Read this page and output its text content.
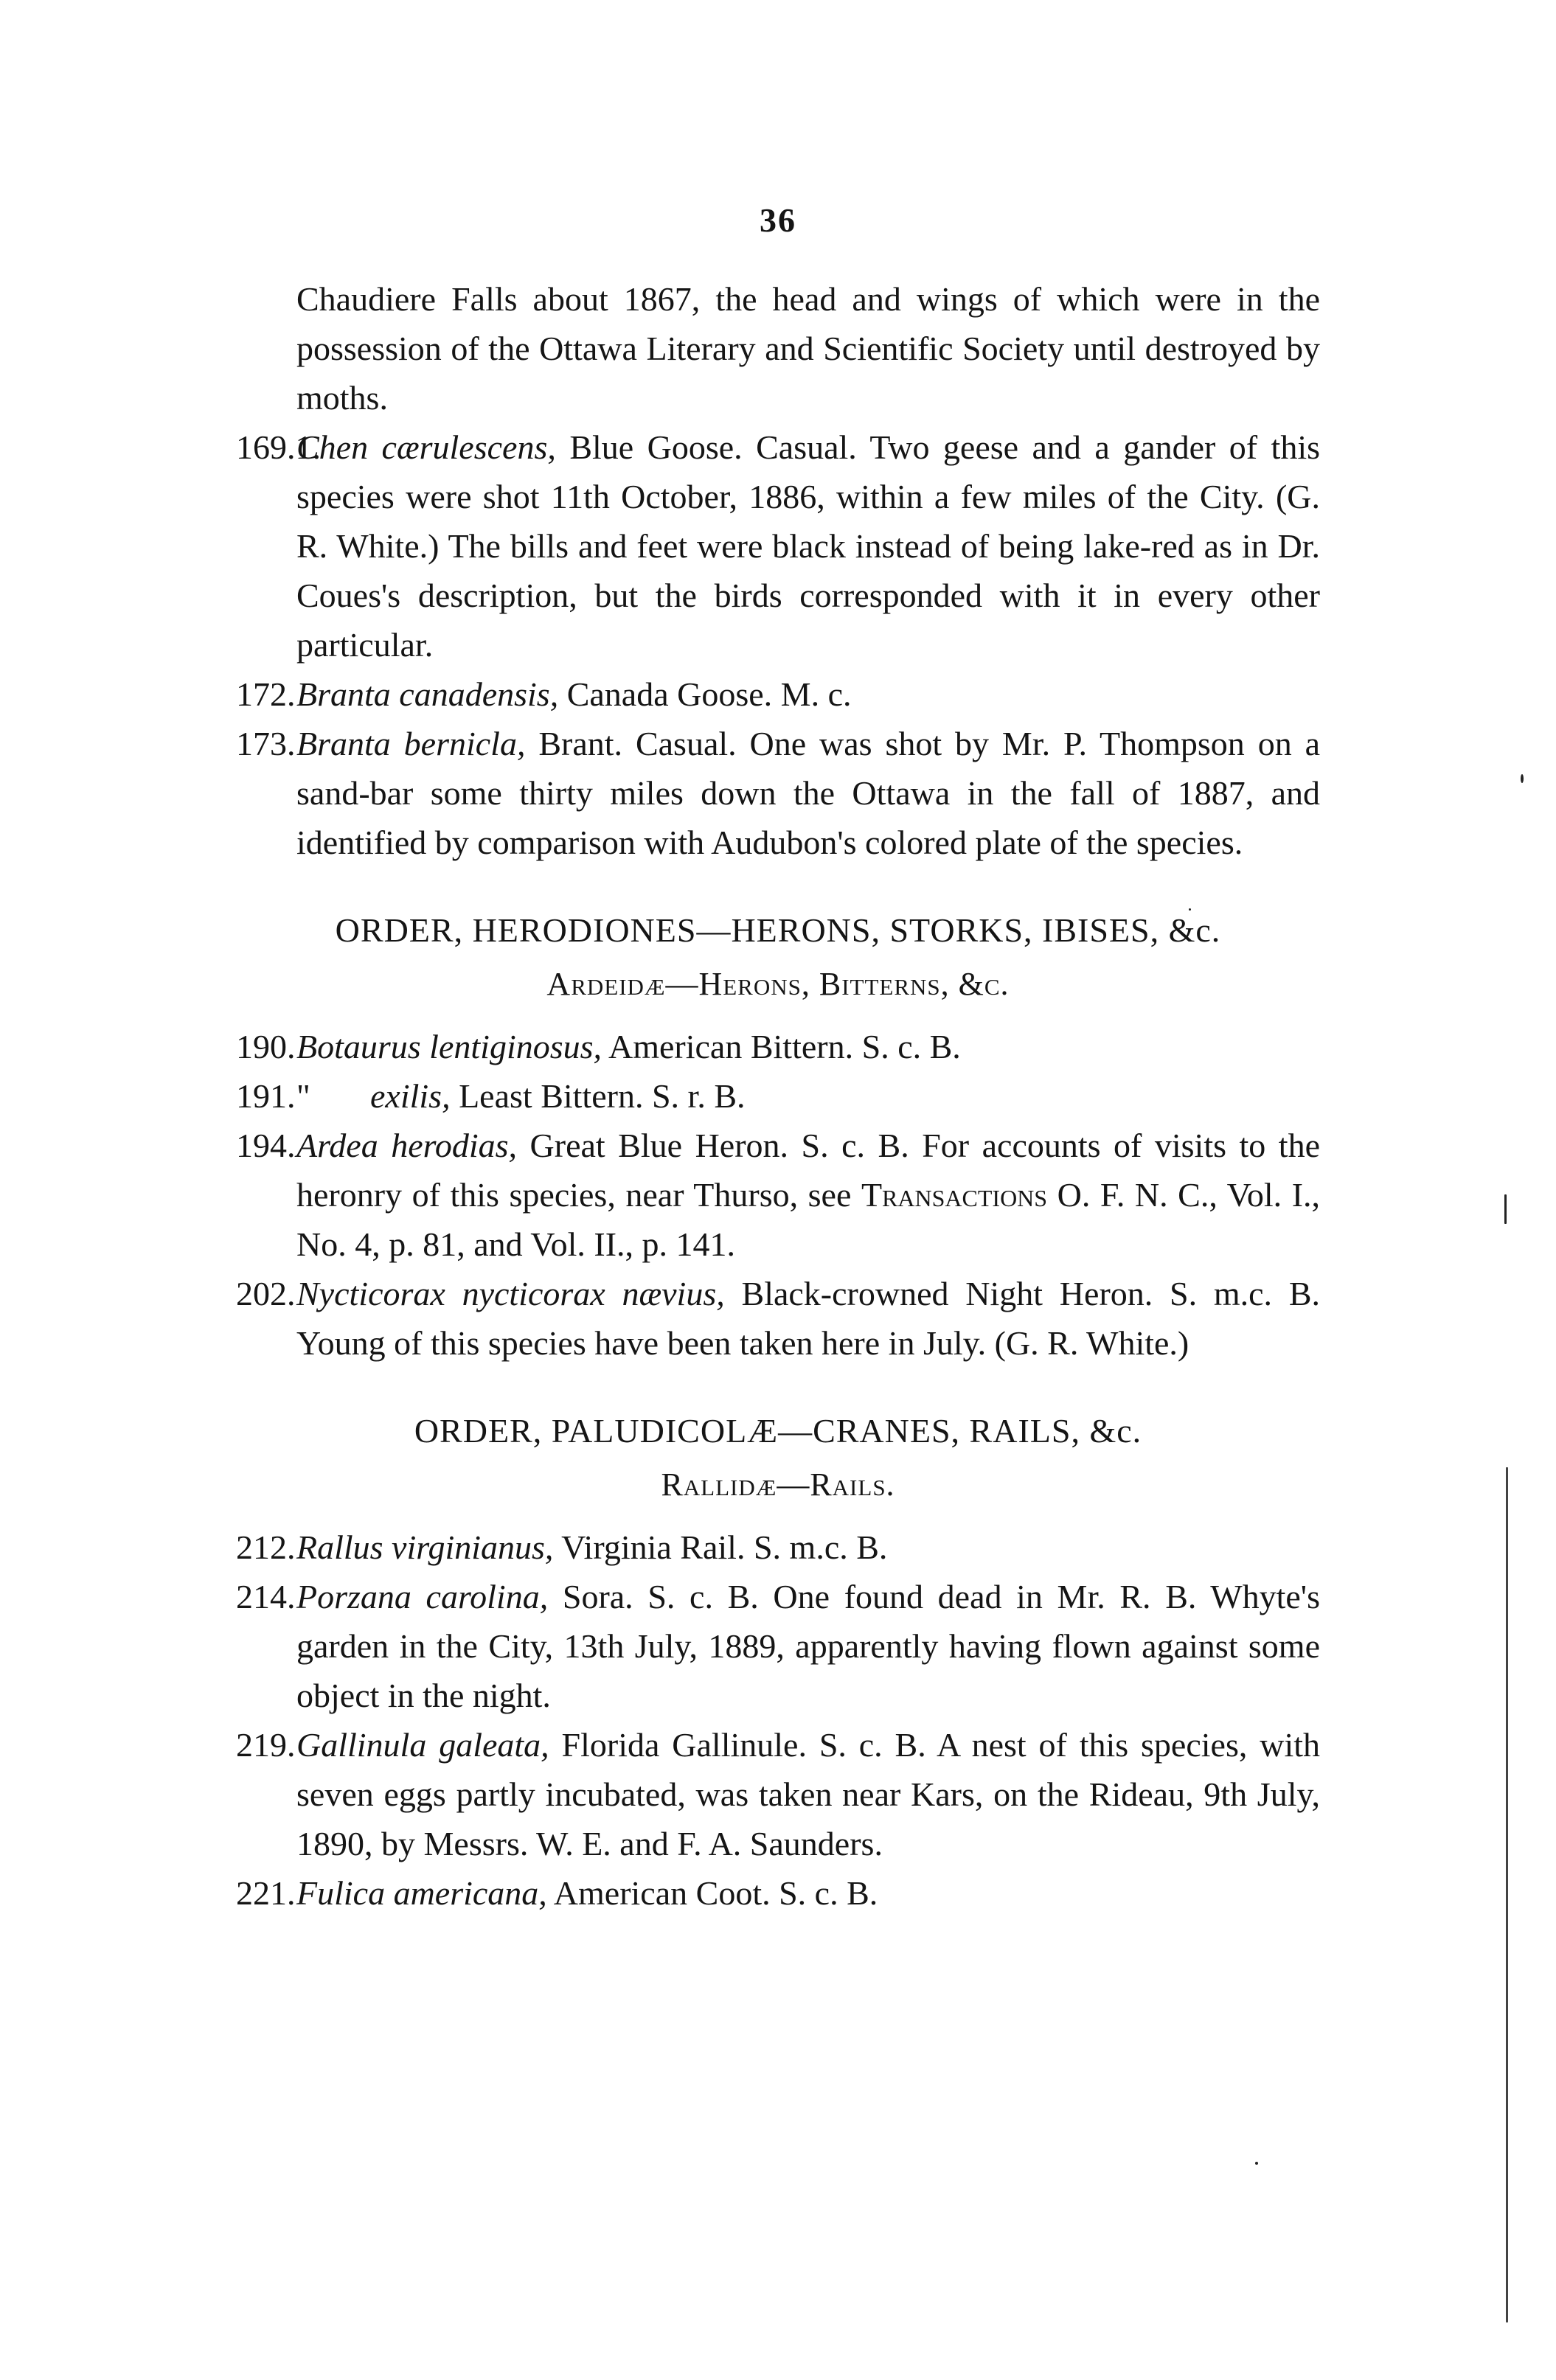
36

Chaudiere Falls about 1867, the head and wings of which were in the possession of the Ottawa Literary and Scientific Society until destroyed by moths.

169.1.
Chen cærulescens, Blue Goose. Casual. Two geese and a gander of this species were shot 11th October, 1886, within a few miles of the City. (G. R. White.) The bills and feet were black instead of being lake-red as in Dr. Coues's description, but the birds corresponded with it in every other particular.

172. Branta canadensis, Canada Goose. M. c.

173. Branta bernicla, Brant. Casual. One was shot by Mr. P. Thompson on a sand-bar some thirty miles down the Ottawa in the fall of 1887, and identified by comparison with Audubon's colored plate of the species.

ORDER, HERODIONES—HERONS, STORKS, IBISES, &c.

Ardeidæ—Herons, Bitterns, &c.

190. Botaurus lentiginosus, American Bittern. S. c. B.

191. " exilis, Least Bittern. S. r. B.

194. Ardea herodias, Great Blue Heron. S. c. B. For accounts of visits to the heronry of this species, near Thurso, see Transactions O. F. N. C., Vol. I., No. 4, p. 81, and Vol. II., p. 141.

202. Nycticorax nycticorax nævius, Black-crowned Night Heron. S. m.c. B. Young of this species have been taken here in July. (G. R. White.)

ORDER, PALUDICOLÆ—CRANES, RAILS, &c.

Rallidæ—Rails.

212. Rallus virginianus, Virginia Rail. S. m.c. B.

214. Porzana carolina, Sora. S. c. B. One found dead in Mr. R. B. Whyte's garden in the City, 13th July, 1889, apparently having flown against some object in the night.

219. Gallinula galeata, Florida Gallinule. S. c. B. A nest of this species, with seven eggs partly incubated, was taken near Kars, on the Rideau, 9th July, 1890, by Messrs. W. E. and F. A. Saunders.

221. Fulica americana, American Coot. S. c. B.
